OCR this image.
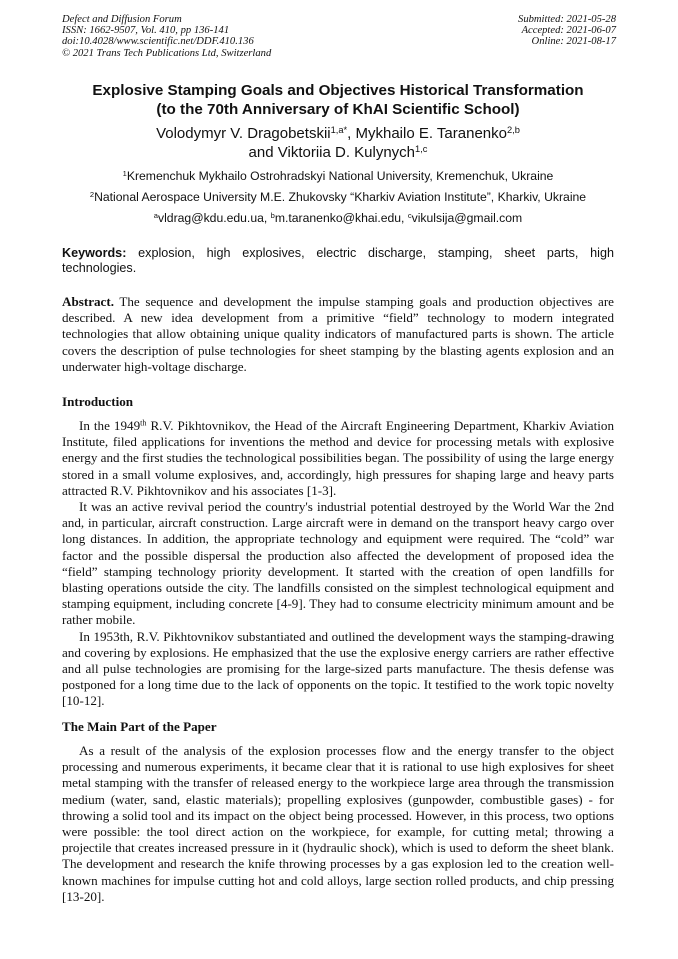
Defect and Diffusion Forum
ISSN: 1662-9507, Vol. 410, pp 136-141
doi:10.4028/www.scientific.net/DDF.410.136
© 2021 Trans Tech Publications Ltd, Switzerland
Submitted: 2021-05-28
Accepted: 2021-06-07
Online: 2021-08-17
Explosive Stamping Goals and Objectives Historical Transformation
(to the 70th Anniversary of KhAI Scientific School)
Volodymyr V. Dragobetskii$^{1,a*}$, Mykhailo E. Taranenko$^{2,b}$
and Viktoriia D. Kulynych$^{1,c}$
$^1$Kremenchuk Mykhailo Ostrohradskyi National University, Kremenchuk, Ukraine
$^2$National Aerospace University M.E. Zhukovsky “Kharkiv Aviation Institute”, Kharkiv, Ukraine
$^a$vldrag@kdu.edu.ua, $^b$m.taranenko@khai.edu, $^c$vikulsija@gmail.com
Keywords: explosion, high explosives, electric discharge, stamping, sheet parts, high technologies.

Abstract. The sequence and development the impulse stamping goals and production objectives are described. A new idea development from a primitive “field” technology to modern integrated technologies that allow obtaining unique quality indicators of manufactured parts is shown. The article covers the description of pulse technologies for sheet stamping by the blasting agents explosion and an underwater high-voltage discharge.

Introduction

In the 1949th R.V. Pikhtovnikov, the Head of the Aircraft Engineering Department, Kharkiv Aviation Institute, filed applications for inventions the method and device for processing metals with explosive energy and the first studies the technological possibilities began. The possibility of using the large energy stored in a small volume explosives, and, accordingly, high pressures for shaping large and heavy parts attracted R.V. Pikhtovnikov and his associates [1-3].

It was an active revival period the country's industrial potential destroyed by the World War the 2nd and, in particular, aircraft construction. Large aircraft were in demand on the transport heavy cargo over long distances. In addition, the appropriate technology and equipment were required. The “cold” war factor and the possible dispersal the production also affected the development of proposed idea the “field” stamping technology priority development. It started with the creation of open landfills for blasting operations outside the city. The landfills consisted on the simplest technological equipment and stamping equipment, including concrete [4-9]. They had to consume electricity minimum amount and be rather mobile.

In 1953th, R.V. Pikhtovnikov substantiated and outlined the development ways the stamping-drawing and covering by explosions. He emphasized that the use the explosive energy carriers are rather effective and all pulse technologies are promising for the large-sized parts manufacture. The thesis defense was postponed for a long time due to the lack of opponents on the topic. It testified to the work topic novelty [10-12].

The Main Part of the Paper

As a result of the analysis of the explosion processes flow and the energy transfer to the object processing and numerous experiments, it became clear that it is rational to use high explosives for sheet metal stamping with the transfer of released energy to the workpiece large area through the transmission medium (water, sand, elastic materials); propelling explosives (gunpowder, combustible gases) - for throwing a solid tool and its impact on the object being processed. However, in this process, two options were possible: the tool direct action on the workpiece, for example, for cutting metal; throwing a projectile that creates increased pressure in it (hydraulic shock), which is used to deform the sheet blank. The development and research the knife throwing processes by a gas explosion led to the creation well-known machines for impulse cutting hot and cold alloys, large section rolled products, and chip pressing [13-20].
